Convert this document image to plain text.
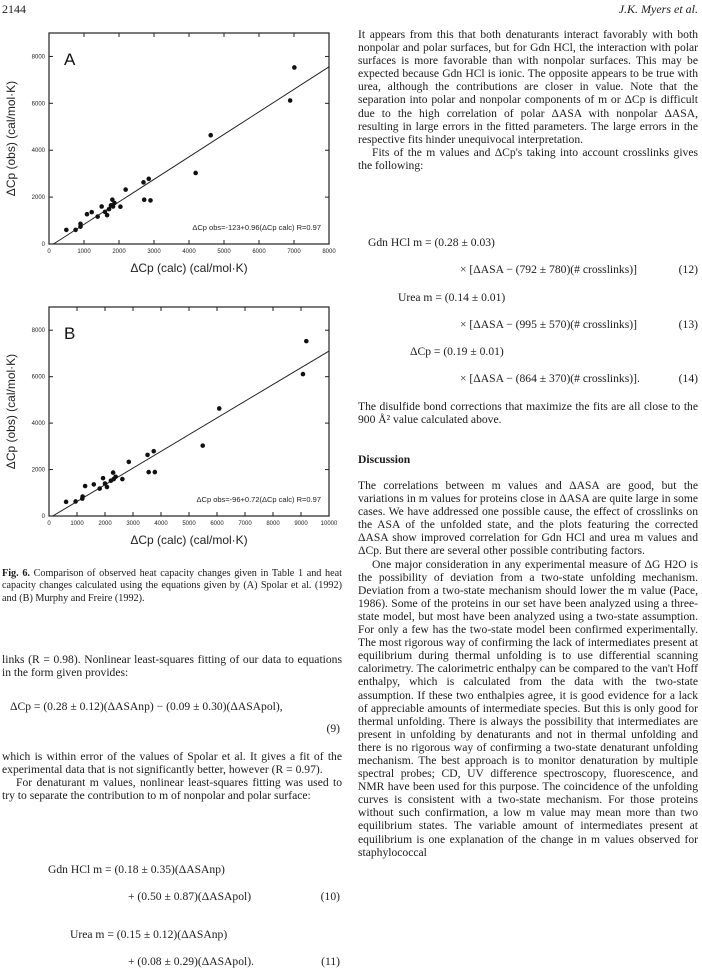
2144	J.K. Myers et al.
0	1000	2000	3000	4000	5000	6000	7000	8000
0
2000
4000
6000
8000 A
ΔCp obs=-123+0.96(ΔCp calc) R=0.97
ΔCp (calc) (cal/mol·K)
ΔCp (obs) (cal/mol·K)
0	1000 2000 3000 4000 5000 6000 7000 8000 9000 10000
0
2000
4000
6000
8000 B
ΔCp obs=-96+0.72(ΔCp calc) R=0.97
ΔCp (calc) (cal/mol·K)
ΔCp (obs) (cal/mol·K)
Fig. 6. Comparison of observed heat capacity changes given in Table 1 and heat capacity changes calculated using the equations given by (A) Spolar et al. (1992) and (B) Murphy and Freire (1992).

links (R = 0.98). Nonlinear least-squares fitting of our data to equations in the form given provides:

ΔCp = (0.28 ± 0.12)(ΔASAnp) − (0.09 ± 0.30)(ΔASApol),
(9)

which is within error of the values of Spolar et al. It gives a fit of the experimental data that is not significantly better, however (R = 0.97).

For denaturant m values, nonlinear least-squares fitting was used to try to separate the contribution to m of nonpolar and polar surface:

Gdn HCl m = (0.18 ± 0.35)(ΔASAnp)
+ (0.50 ± 0.87)(ΔASApol)	(10)
Urea m = (0.15 ± 0.12)(ΔASAnp)
+ (0.08 ± 0.29)(ΔASApol).	(11)

It appears from this that both denaturants interact favorably with both nonpolar and polar surfaces, but for Gdn HCl, the interaction with polar surfaces is more favorable than with nonpolar surfaces. This may be expected because Gdn HCl is ionic. The opposite appears to be true with urea, although the contributions are closer in value. Note that the separation into polar and nonpolar components of m or ΔCp is difficult due to the high correlation of polar ΔASA with nonpolar ΔASA, resulting in large errors in the fitted parameters. The large errors in the respective fits hinder unequivocal interpretation.

Fits of the m values and ΔCp's taking into account crosslinks gives the following:

Gdn HCl m = (0.28 ± 0.03)
× [ΔASA − (792 ± 780)(# crosslinks)]	(12)
Urea m = (0.14 ± 0.01)
× [ΔASA − (995 ± 570)(# crosslinks)]	(13)
ΔCp = (0.19 ± 0.01)
× [ΔASA − (864 ± 370)(# crosslinks)].	(14)

The disulfide bond corrections that maximize the fits are all close to the 900 Å² value calculated above.

Discussion

The correlations between m values and ΔASA are good, but the variations in m values for proteins close in ΔASA are quite large in some cases. We have addressed one possible cause, the effect of crosslinks on the ASA of the unfolded state, and the plots featuring the corrected ΔASA show improved correlation for Gdn HCl and urea m values and ΔCp. But there are several other possible contributing factors.

One major consideration in any experimental measure of ΔG H2O is the possibility of deviation from a two-state unfolding mechanism. Deviation from a two-state mechanism should lower the m value (Pace, 1986). Some of the proteins in our set have been analyzed using a three-state model, but most have been analyzed using a two-state assumption. For only a few has the two-state model been confirmed experimentally. The most rigorous way of confirming the lack of intermediates present at equilibrium during thermal unfolding is to use differential scanning calorimetry. The calorimetric enthalpy can be compared to the van't Hoff enthalpy, which is calculated from the data with the two-state assumption. If these two enthalpies agree, it is good evidence for a lack of appreciable amounts of intermediate species. But this is only good for thermal unfolding. There is always the possibility that intermediates are present in unfolding by denaturants and not in thermal unfolding and there is no rigorous way of confirming a two-state denaturant unfolding mechanism. The best approach is to monitor denaturation by multiple spectral probes; CD, UV difference spectroscopy, fluorescence, and NMR have been used for this purpose. The coincidence of the unfolding curves is consistent with a two-state mechanism. For those proteins without such confirmation, a low m value may mean more than two equilibrium states. The variable amount of intermediates present at equilibrium is one explanation of the change in m values observed for staphylococcal
